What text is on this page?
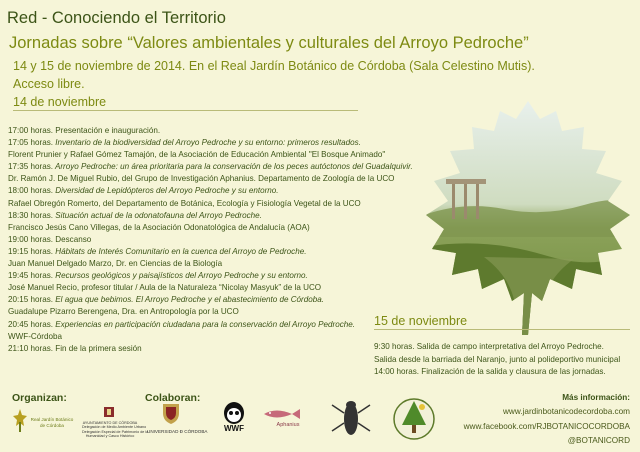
Red - Conociendo el Territorio
Jornadas sobre “Valores ambientales y culturales del Arroyo Pedroche”
14 y 15 de noviembre de 2014. En el Real Jardín Botánico de Córdoba (Sala Celestino Mutis).
Acceso libre.
14 de noviembre
17:00 horas. Presentación e inauguración.
17:05 horas. Inventario de la biodiversidad del Arroyo Pedroche y su entorno: primeros resultados.
Florent Prunier y Rafael Gómez Tamajón, de la Asociación de Educación Ambiental "El Bosque Animado"
17:35 horas. Arroyo Pedroche: un área prioritaria para la conservación de los peces autóctonos del Guadalquivir.
Dr. Ramón J. De Miguel Rubio, del Grupo de Investigación Aphanius. Departamento de Zoología de la UCO
18:00 horas. Diversidad de Lepidópteros del Arroyo Pedroche y su entorno.
Rafael Obregón Romerto, del Departamento de Botánica, Ecología y Fisiología Vegetal de la UCO
18:30 horas. Situación actual de la odonatofauna del Arroyo Pedroche.
Francisco Jesús Cano Villegas, de la Asociación Odonatológica de Andalucía (AOA)
19:00 horas. Descanso
19:15 horas. Hábitats de Interés Comunitario en la cuenca del Arroyo de Pedroche.
Juan Manuel Delgado Marzo, Dr. en Ciencias de la Biología
19:45 horas. Recursos geológicos y paisajísticos del Arroyo Pedroche y su entorno.
José Manuel Recio, profesor titular / Aula de la Naturaleza “Nicolay Masyuk” de la UCO
20:15 horas. El agua que bebimos. El Arroyo Pedroche y el abastecimiento de Córdoba.
Guadalupe Pizarro Berengena, Dra. en Antropología por la UCO
20:45 horas. Experiencias en participación ciudadana para la conservación del Arroyo Pedroche.
WWF-Córdoba
21:10 horas. Fin de la primera sesión
15 de noviembre
9:30 horas. Salida de campo interpretativa del Arroyo Pedroche.
Salida desde la barriada del Naranjo, junto al polideportivo municipal
14:00 horas. Finalización de la salida y clausura de las jornadas.
Organizan:	Colaboran:
Real Jardín Botánico
de Córdoba	AYUNTAMIENTO DE CÓRDOBA
Delegación de Medio Ambiente Urbano
Delegación Especial de Patrimonio de la
Humanidad y Casco Histórico
UNIVERSIDAD Đ CÓRDOBA	WWF	Aphanius
Más información:
www.jardinbotanicodecordoba.com
www.facebook.com/RJBOTANICOCORDOBA
@BOTANICORD
